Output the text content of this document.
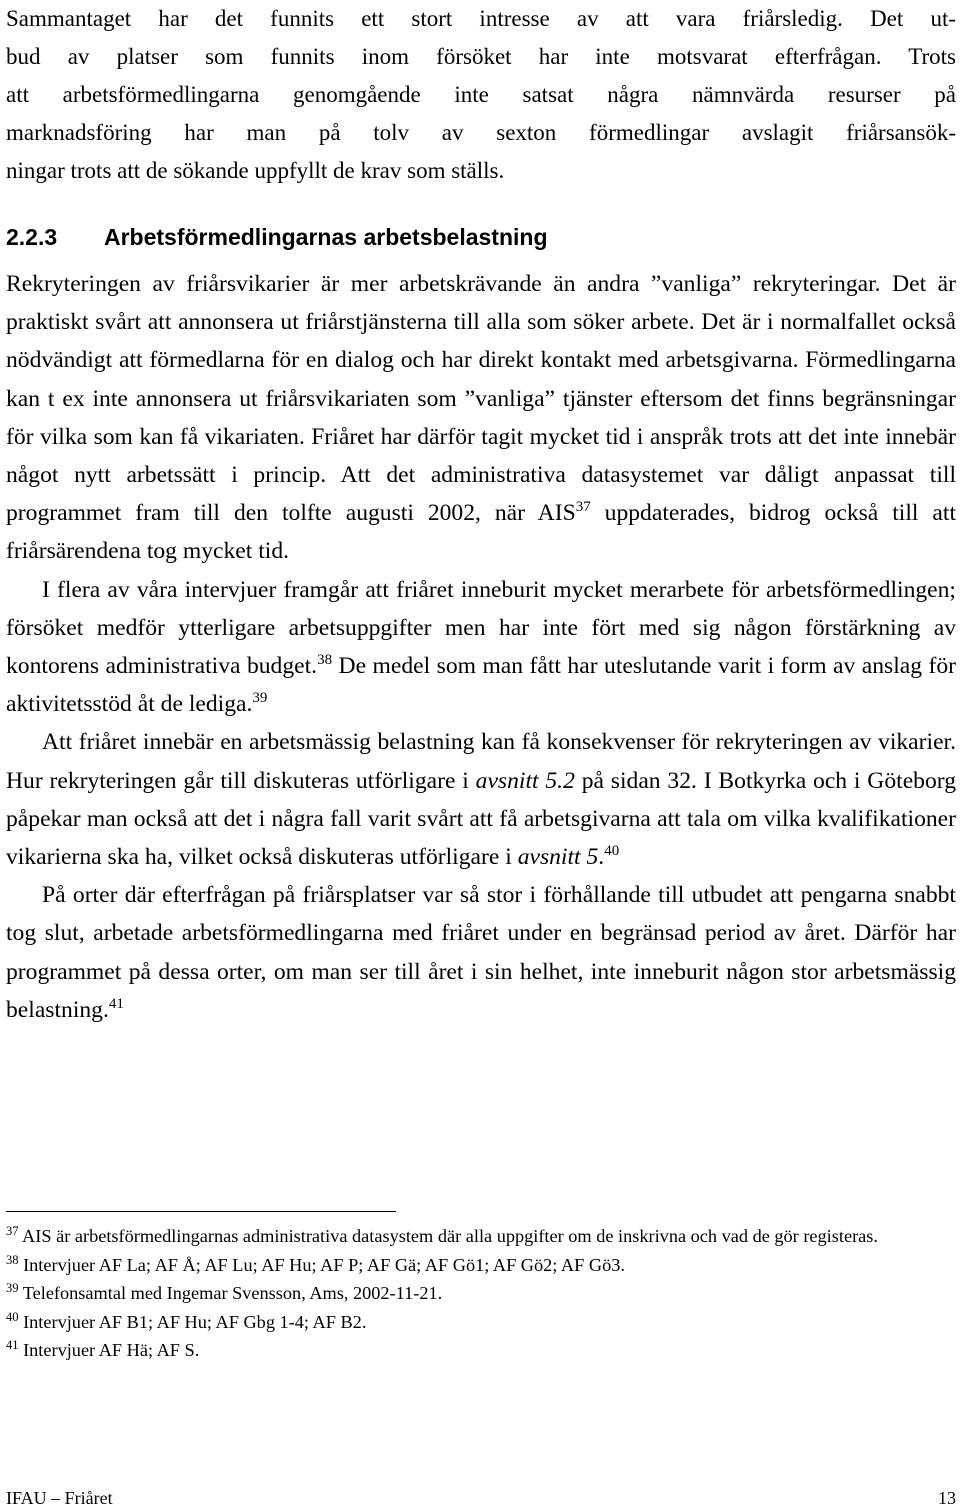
Sammantaget har det funnits ett stort intresse av att vara friårsledig. Det ut-
bud av platser som funnits inom försöket har inte motsvarat efterfrågan. Trots
att arbetsförmedlingarna genomgående inte satsat några nämnvärda resurser på
marknadsföring har man på tolv av sexton förmedlingar avslagit friårsansök-
ningar trots att de sökande uppfyllt de krav som ställs.
2.2.3 Arbetsförmedlingarnas arbetsbelastning

Rekryteringen av friårsvikarier är mer arbetskrävande än andra ”vanliga” rekryteringar. Det är praktiskt svårt att annonsera ut friårstjänsterna till alla som söker arbete. Det är i normalfallet också nödvändigt att förmedlarna för en dialog och har direkt kontakt med arbetsgivarna. Förmedlingarna kan t ex inte annonsera ut friårsvikariaten som ”vanliga” tjänster eftersom det finns begränsningar för vilka som kan få vikariaten. Friåret har därför tagit mycket tid i anspråk trots att det inte innebär något nytt arbetssätt i princip. Att det administrativa datasystemet var dåligt anpassat till programmet fram till den tolfte augusti 2002, när AIS$^{37}$ uppdaterades, bidrog också till att friårsärendena tog mycket tid.

I flera av våra intervjuer framgår att friåret inneburit mycket merarbete för arbetsförmedlingen; försöket medför ytterligare arbetsuppgifter men har inte fört med sig någon förstärkning av kontorens administrativa budget.$^{38}$ De medel som man fått har uteslutande varit i form av anslag för aktivitetsstöd åt de lediga.$^{39}$

Att friåret innebär en arbetsmässig belastning kan få konsekvenser för rekryteringen av vikarier. Hur rekryteringen går till diskuteras utförligare i avsnitt 5.2 på sidan 32. I Botkyrka och i Göteborg påpekar man också att det i några fall varit svårt att få arbetsgivarna att tala om vilka kvalifikationer vikarierna ska ha, vilket också diskuteras utförligare i avsnitt 5.40

På orter där efterfrågan på friårsplatser var så stor i förhållande till utbudet att pengarna snabbt tog slut, arbetade arbetsförmedlingarna med friåret under en begränsad period av året. Därför har programmet på dessa orter, om man ser till året i sin helhet, inte inneburit någon stor arbetsmässig belastning.$^{41}$

$^{37}$ AIS är arbetsförmedlingarnas administrativa datasystem där alla uppgifter om de inskrivna och vad de gör registeras.

$^{38}$ Intervjuer AF La; AF Å; AF Lu; AF Hu; AF P; AF Gä; AF Gö1; AF Gö2; AF Gö3.

$^{39}$ Telefonsamtal med Ingemar Svensson, Ams, 2002-11-21.

$^{40}$ Intervjuer AF B1; AF Hu; AF Gbg 1-4; AF B2.

$^{41}$ Intervjuer AF Hä; AF S.

IFAU – Friåret	13
